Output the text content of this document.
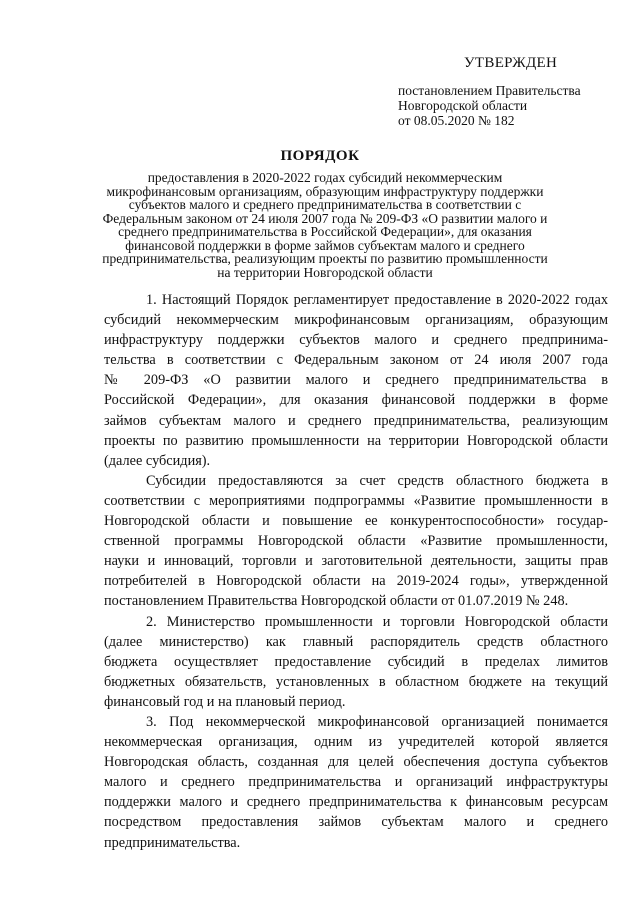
УТВЕРЖДЕН
постановлением Правительства
Новгородской области
от 08.05.2020 № 182
ПОРЯДОК
предоставления в 2020-2022 годах субсидий некоммерческим
микрофинансовым организациям, образующим инфраструктуру поддержки
субъектов малого и среднего предпринимательства в соответствии с
Федеральным законом от 24 июля 2007 года № 209-ФЗ «О развитии малого и
среднего предпринимательства в Российской Федерации», для оказания
финансовой поддержки в форме займов субъектам малого и среднего
предпринимательства, реализующим проекты по развитию промышленности
на территории Новгородской области
1. Настоящий Порядок регламентирует предоставление в 2020-2022 годах
субсидий некоммерческим микрофинансовым организациям, образующим
инфраструктуру поддержки субъектов малого и среднего предпринима-
тельства в соответствии с Федеральным законом от 24 июля 2007 года
№ 209-ФЗ «О развитии малого и среднего предпринимательства в
Российской Федерации», для оказания финансовой поддержки в форме
займов субъектам малого и среднего предпринимательства, реализующим
проекты по развитию промышленности на территории Новгородской области
(далее субсидия).
Субсидии предоставляются за счет средств областного бюджета в
соответствии с мероприятиями подпрограммы «Развитие промышленности в
Новгородской области и повышение ее конкурентоспособности» государ-
ственной программы Новгородской области «Развитие промышленности,
науки и инноваций, торговли и заготовительной деятельности, защиты прав
потребителей в Новгородской области на 2019-2024 годы», утвержденной
постановлением Правительства Новгородской области от 01.07.2019 № 248.
2. Министерство промышленности и торговли Новгородской области
(далее министерство) как главный распорядитель средств областного
бюджета осуществляет предоставление субсидий в пределах лимитов
бюджетных обязательств, установленных в областном бюджете на текущий
финансовый год и на плановый период.
3. Под некоммерческой микрофинансовой организацией понимается
некоммерческая организация, одним из учредителей которой является
Новгородская область, созданная для целей обеспечения доступа субъектов
малого и среднего предпринимательства и организаций инфраструктуры
поддержки малого и среднего предпринимательства к финансовым ресурсам
посредством предоставления займов субъектам малого и среднего
предпринимательства.
